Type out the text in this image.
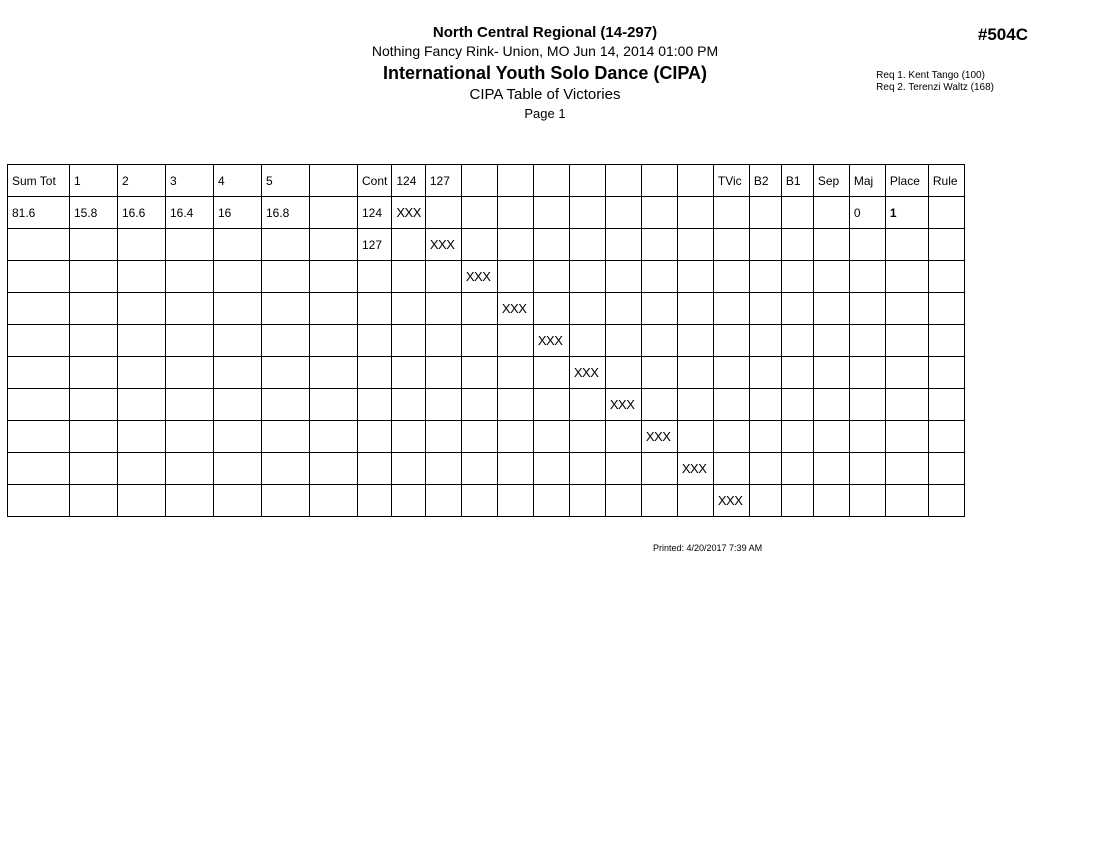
North Central Regional (14-297)
Nothing Fancy Rink- Union, MO Jun 14, 2014 01:00 PM
International Youth Solo Dance (CIPA)
CIPA Table of Victories
Page 1
#504C
Req 1. Kent Tango (100)
Req 2. Terenzi Waltz (168)
Sum Tot	1	2	3	4	5		Cont	124	127								TVic	B2	B1	Sep	Maj	Place	Rule
81.6	15.8	16.6	16.4	16	16.8		124	XXX													0	1	
							127		XXX														
										XXX													
											XXX												
												XXX											
													XXX										
														XXX									
															XXX								
																XXX							
																	XXX						
Printed: 4/20/2017 7:39 AM
